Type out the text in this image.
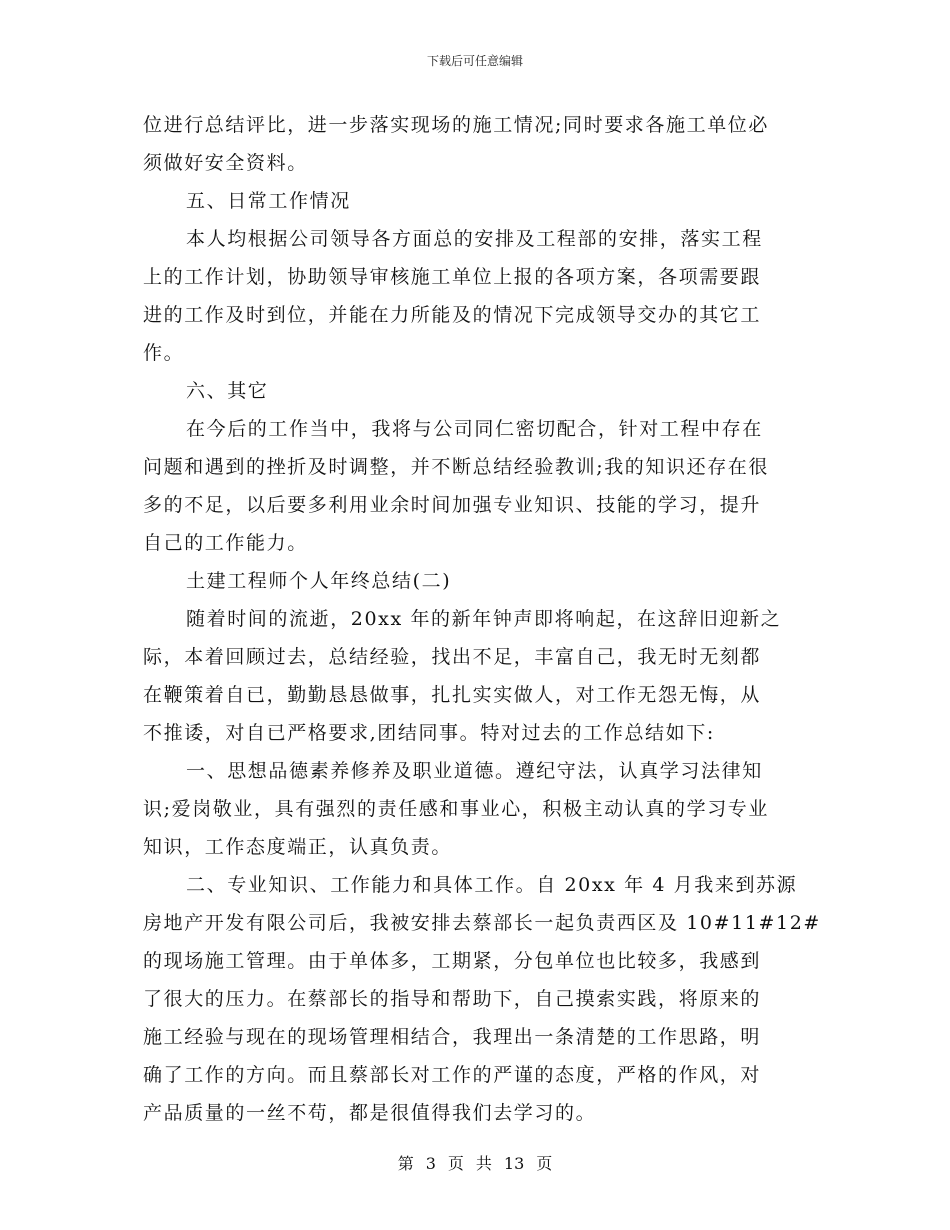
下载后可任意编辑
位进行总结评比，进一步落实现场的施工情况;同时要求各施工单位必
须做好安全资料。
五、日常工作情况
本人均根据公司领导各方面总的安排及工程部的安排，落实工程
上的工作计划，协助领导审核施工单位上报的各项方案，各项需要跟
进的工作及时到位，并能在力所能及的情况下完成领导交办的其它工
作。
六、其它
在今后的工作当中，我将与公司同仁密切配合，针对工程中存在
问题和遇到的挫折及时调整，并不断总结经验教训;我的知识还存在很
多的不足，以后要多利用业余时间加强专业知识、技能的学习，提升
自己的工作能力。
土建工程师个人年终总结(二)
随着时间的流逝，20xx 年的新年钟声即将响起，在这辞旧迎新之
际，本着回顾过去，总结经验，找出不足，丰富自己，我无时无刻都
在鞭策着自已，勤勤恳恳做事，扎扎实实做人，对工作无怨无悔，从
不推诿，对自已严格要求,团结同事。特对过去的工作总结如下:
一、思想品德素养修养及职业道德。遵纪守法，认真学习法律知
识;爱岗敬业，具有强烈的责任感和事业心，积极主动认真的学习专业
知识，工作态度端正，认真负责。
二、专业知识、工作能力和具体工作。自 20xx 年 4 月我来到苏源
房地产开发有限公司后，我被安排去蔡部长一起负责西区及 10#11#12#
的现场施工管理。由于单体多，工期紧，分包单位也比较多，我感到
了很大的压力。在蔡部长的指导和帮助下，自己摸索实践，将原来的
施工经验与现在的现场管理相结合，我理出一条清楚的工作思路，明
确了工作的方向。而且蔡部长对工作的严谨的态度，严格的作风，对
产品质量的一丝不苟，都是很值得我们去学习的。
第 3 页 共 13 页
